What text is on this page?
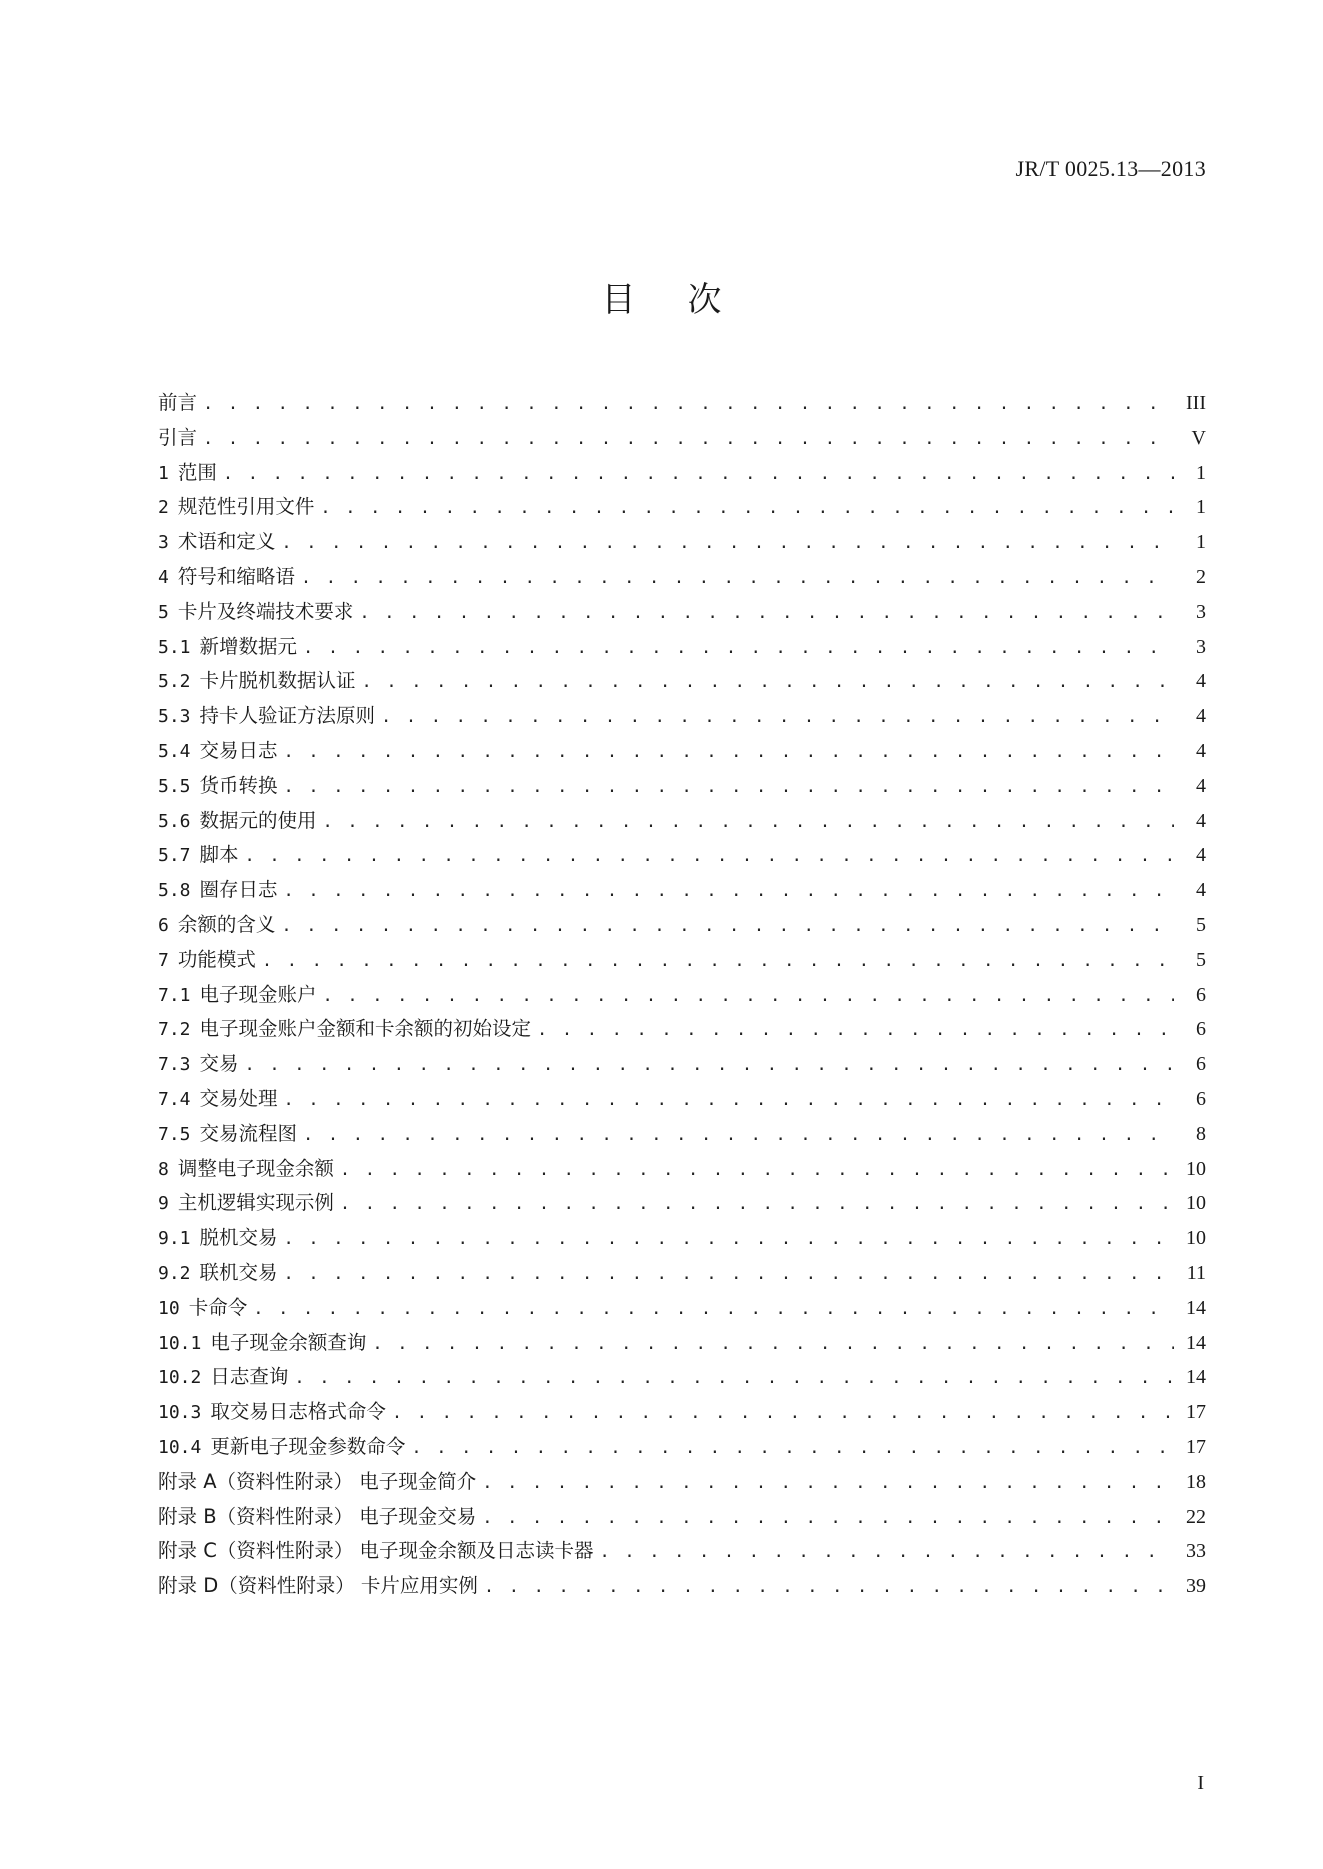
JR/T 0025.13—2013
目 次
前言 . . .	III
引言 . . .	V
1 范围 . . .	1
2 规范性引用文件 . . .	1
3 术语和定义 . . .	1
4 符号和缩略语 . . .	2
5 卡片及终端技术要求 . . .	3
5.1 新增数据元 . . .	3
5.2 卡片脱机数据认证 . . .	4
5.3 持卡人验证方法原则 . . .	4
5.4 交易日志 . . .	4
5.5 货币转换 . . .	4
5.6 数据元的使用 . . .	4
5.7 脚本 . . .	4
5.8 圈存日志 . . .	4
6 余额的含义 . . .	5
7 功能模式 . . .	5
7.1 电子现金账户 . . .	6
7.2 电子现金账户金额和卡余额的初始设定 . . .	6
7.3 交易 . . .	6
7.4 交易处理 . . .	6
7.5 交易流程图 . . .	8
8 调整电子现金余额 . . .	10
9 主机逻辑实现示例 . . .	10
9.1 脱机交易 . . .	10
9.2 联机交易 . . .	11
10 卡命令 . . .	14
10.1 电子现金余额查询 . . .	14
10.2 日志查询 . . .	14
10.3 取交易日志格式命令 . . .	17
10.4 更新电子现金参数命令 . . .	17
附录 A（资料性附录） 电子现金简介 . . .	18
附录 B（资料性附录） 电子现金交易 . . .	22
附录 C（资料性附录） 电子现金余额及日志读卡器 . . .	33
附录 D（资料性附录） 卡片应用实例 . . .	39
I
